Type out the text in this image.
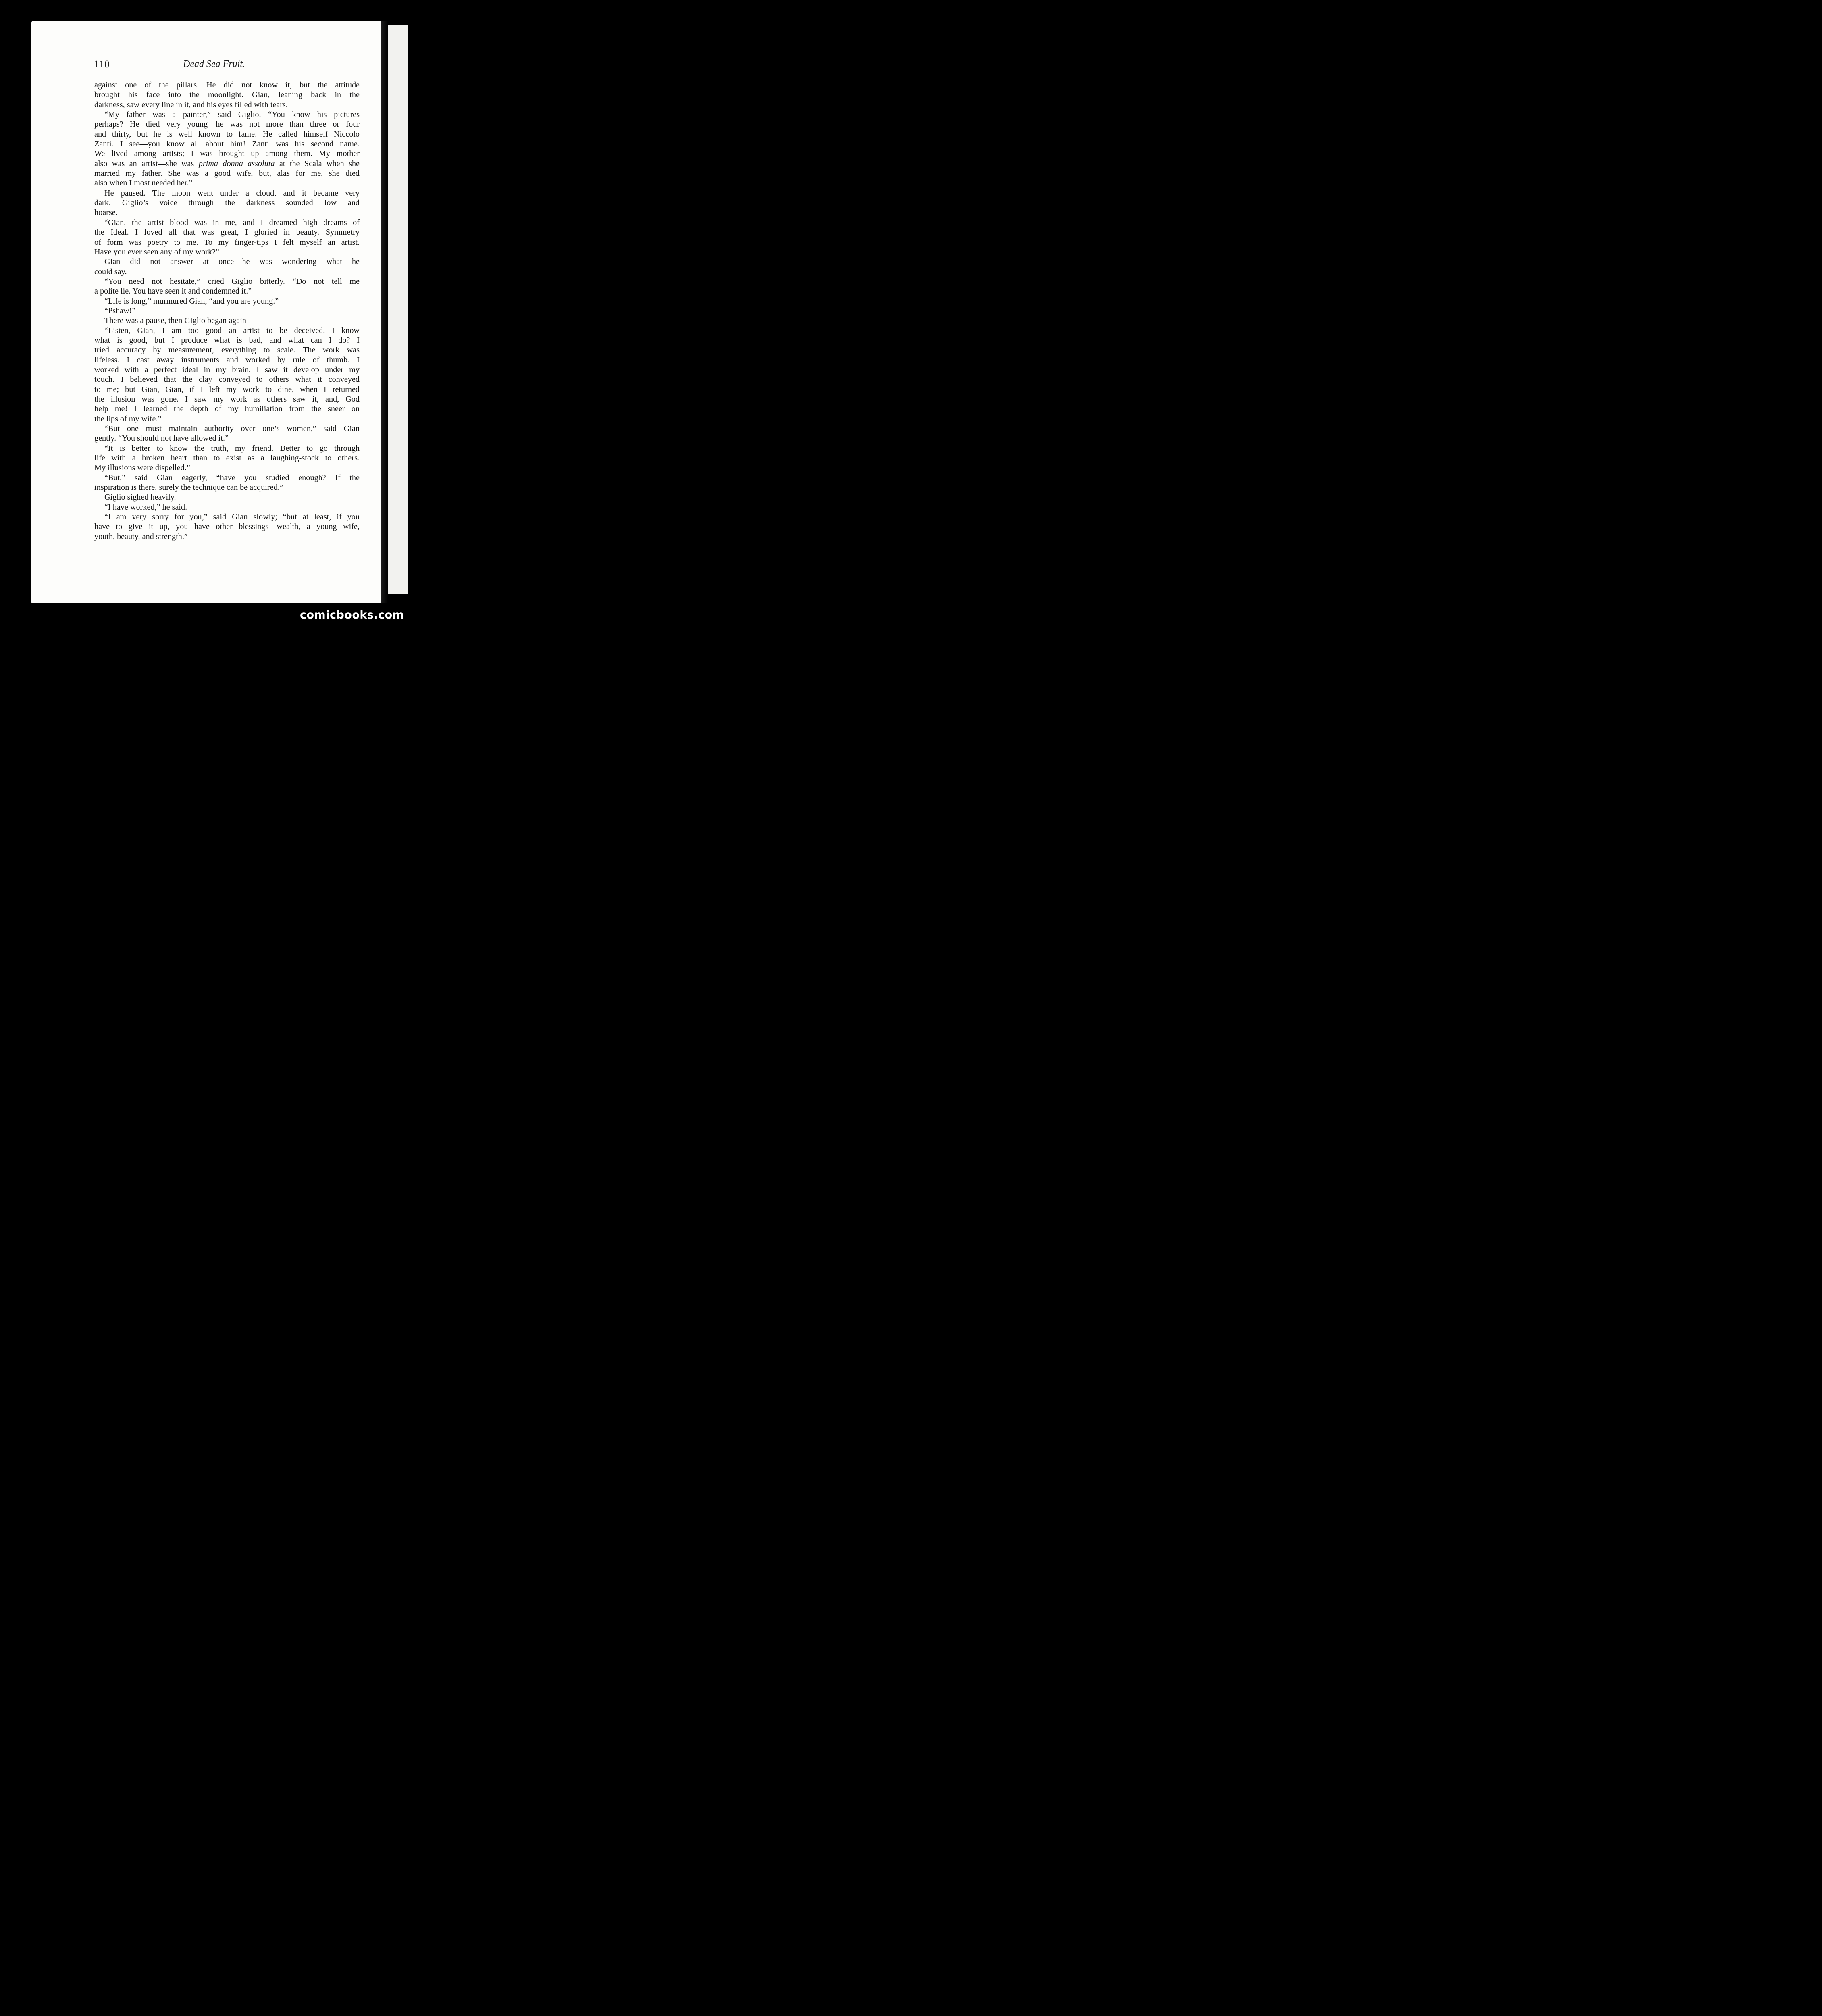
110	Dead Sea Fruit.
against one of the pillars. He did not know it, but the attitude
brought his face into the moonlight. Gian, leaning back in the
darkness, saw every line in it, and his eyes filled with tears.
“My father was a painter,” said Giglio. “You know his pictures
perhaps? He died very young—he was not more than three or four
and thirty, but he is well known to fame. He called himself Niccolo
Zanti. I see—you know all about him! Zanti was his second name.
We lived among artists; I was brought up among them. My mother
also was an artist—she was prima donna assoluta at the Scala when she
married my father. She was a good wife, but, alas for me, she died
also when I most needed her.”
He paused. The moon went under a cloud, and it became very
dark. Giglio’s voice through the darkness sounded low and
hoarse.
“Gian, the artist blood was in me, and I dreamed high dreams of
the Ideal. I loved all that was great, I gloried in beauty. Symmetry
of form was poetry to me. To my finger-tips I felt myself an artist.
Have you ever seen any of my work?”
Gian did not answer at once—he was wondering what he
could say.
“You need not hesitate,” cried Giglio bitterly. “Do not tell me
a polite lie. You have seen it and condemned it.”
“Life is long,” murmured Gian, “and you are young.”
“Pshaw!”
There was a pause, then Giglio began again—
“Listen, Gian, I am too good an artist to be deceived. I know
what is good, but I produce what is bad, and what can I do? I
tried accuracy by measurement, everything to scale. The work was
lifeless. I cast away instruments and worked by rule of thumb. I
worked with a perfect ideal in my brain. I saw it develop under my
touch. I believed that the clay conveyed to others what it conveyed
to me; but Gian, Gian, if I left my work to dine, when I returned
the illusion was gone. I saw my work as others saw it, and, God
help me! I learned the depth of my humiliation from the sneer on
the lips of my wife.”
“But one must maintain authority over one’s women,” said Gian
gently. “You should not have allowed it.”
“It is better to know the truth, my friend. Better to go through
life with a broken heart than to exist as a laughing-stock to others.
My illusions were dispelled.”
“But,” said Gian eagerly, “have you studied enough? If the
inspiration is there, surely the technique can be acquired.”
Giglio sighed heavily.
“I have worked,” he said.
“I am very sorry for you,” said Gian slowly; “but at least, if you
have to give it up, you have other blessings—wealth, a young wife,
youth, beauty, and strength.”
comicbooks.com
